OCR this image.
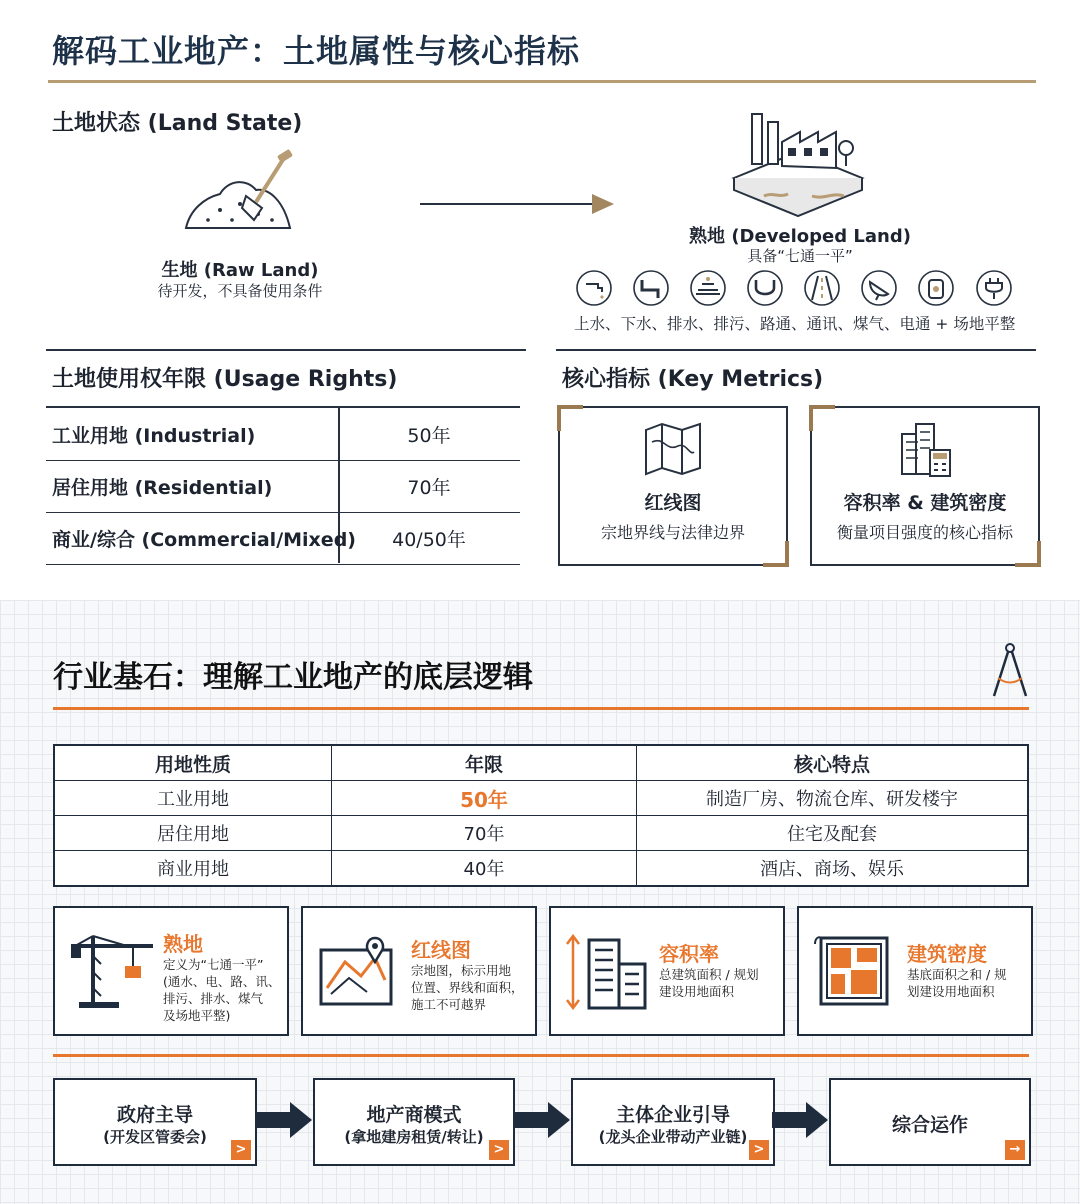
解码工业地产：土地属性与核心指标
土地状态 (Land State)
生地 (Raw Land)
待开发，不具备使用条件
熟地 (Developed Land)
具备“七通一平”
上水、下水、排水、排污、路通、通讯、煤气、电通 + 场地平整
土地使用权年限 (Usage Rights)
工业用地 (Industrial)	50年
居住用地 (Residential)	70年
商业/综合 (Commercial/Mixed)	40/50年
核心指标 (Key Metrics)
红线图
宗地界线与法律边界
容积率 & 建筑密度
衡量项目强度的核心指标
行业基石：理解工业地产的底层逻辑
用地性质	年限	核心特点
工业用地	50年	制造厂房、物流仓库、研发楼宇
居住用地	70年	住宅及配套
商业用地	40年	酒店、商场、娱乐
熟地
定义为“七通一平”
(通水、电、路、讯、
排污、排水、煤气
及场地平整)
红线图
宗地图，标示用地
位置、界线和面积，
施工不可越界
容积率
总建筑面积 / 规划
建设用地面积
建筑密度
基底面积之和 / 规
划建设用地面积
政府主导
(开发区管委会)
>
地产商模式
(拿地建房租赁/转让)
>
主体企业引导
(龙头企业带动产业链)
>
综合运作
→
